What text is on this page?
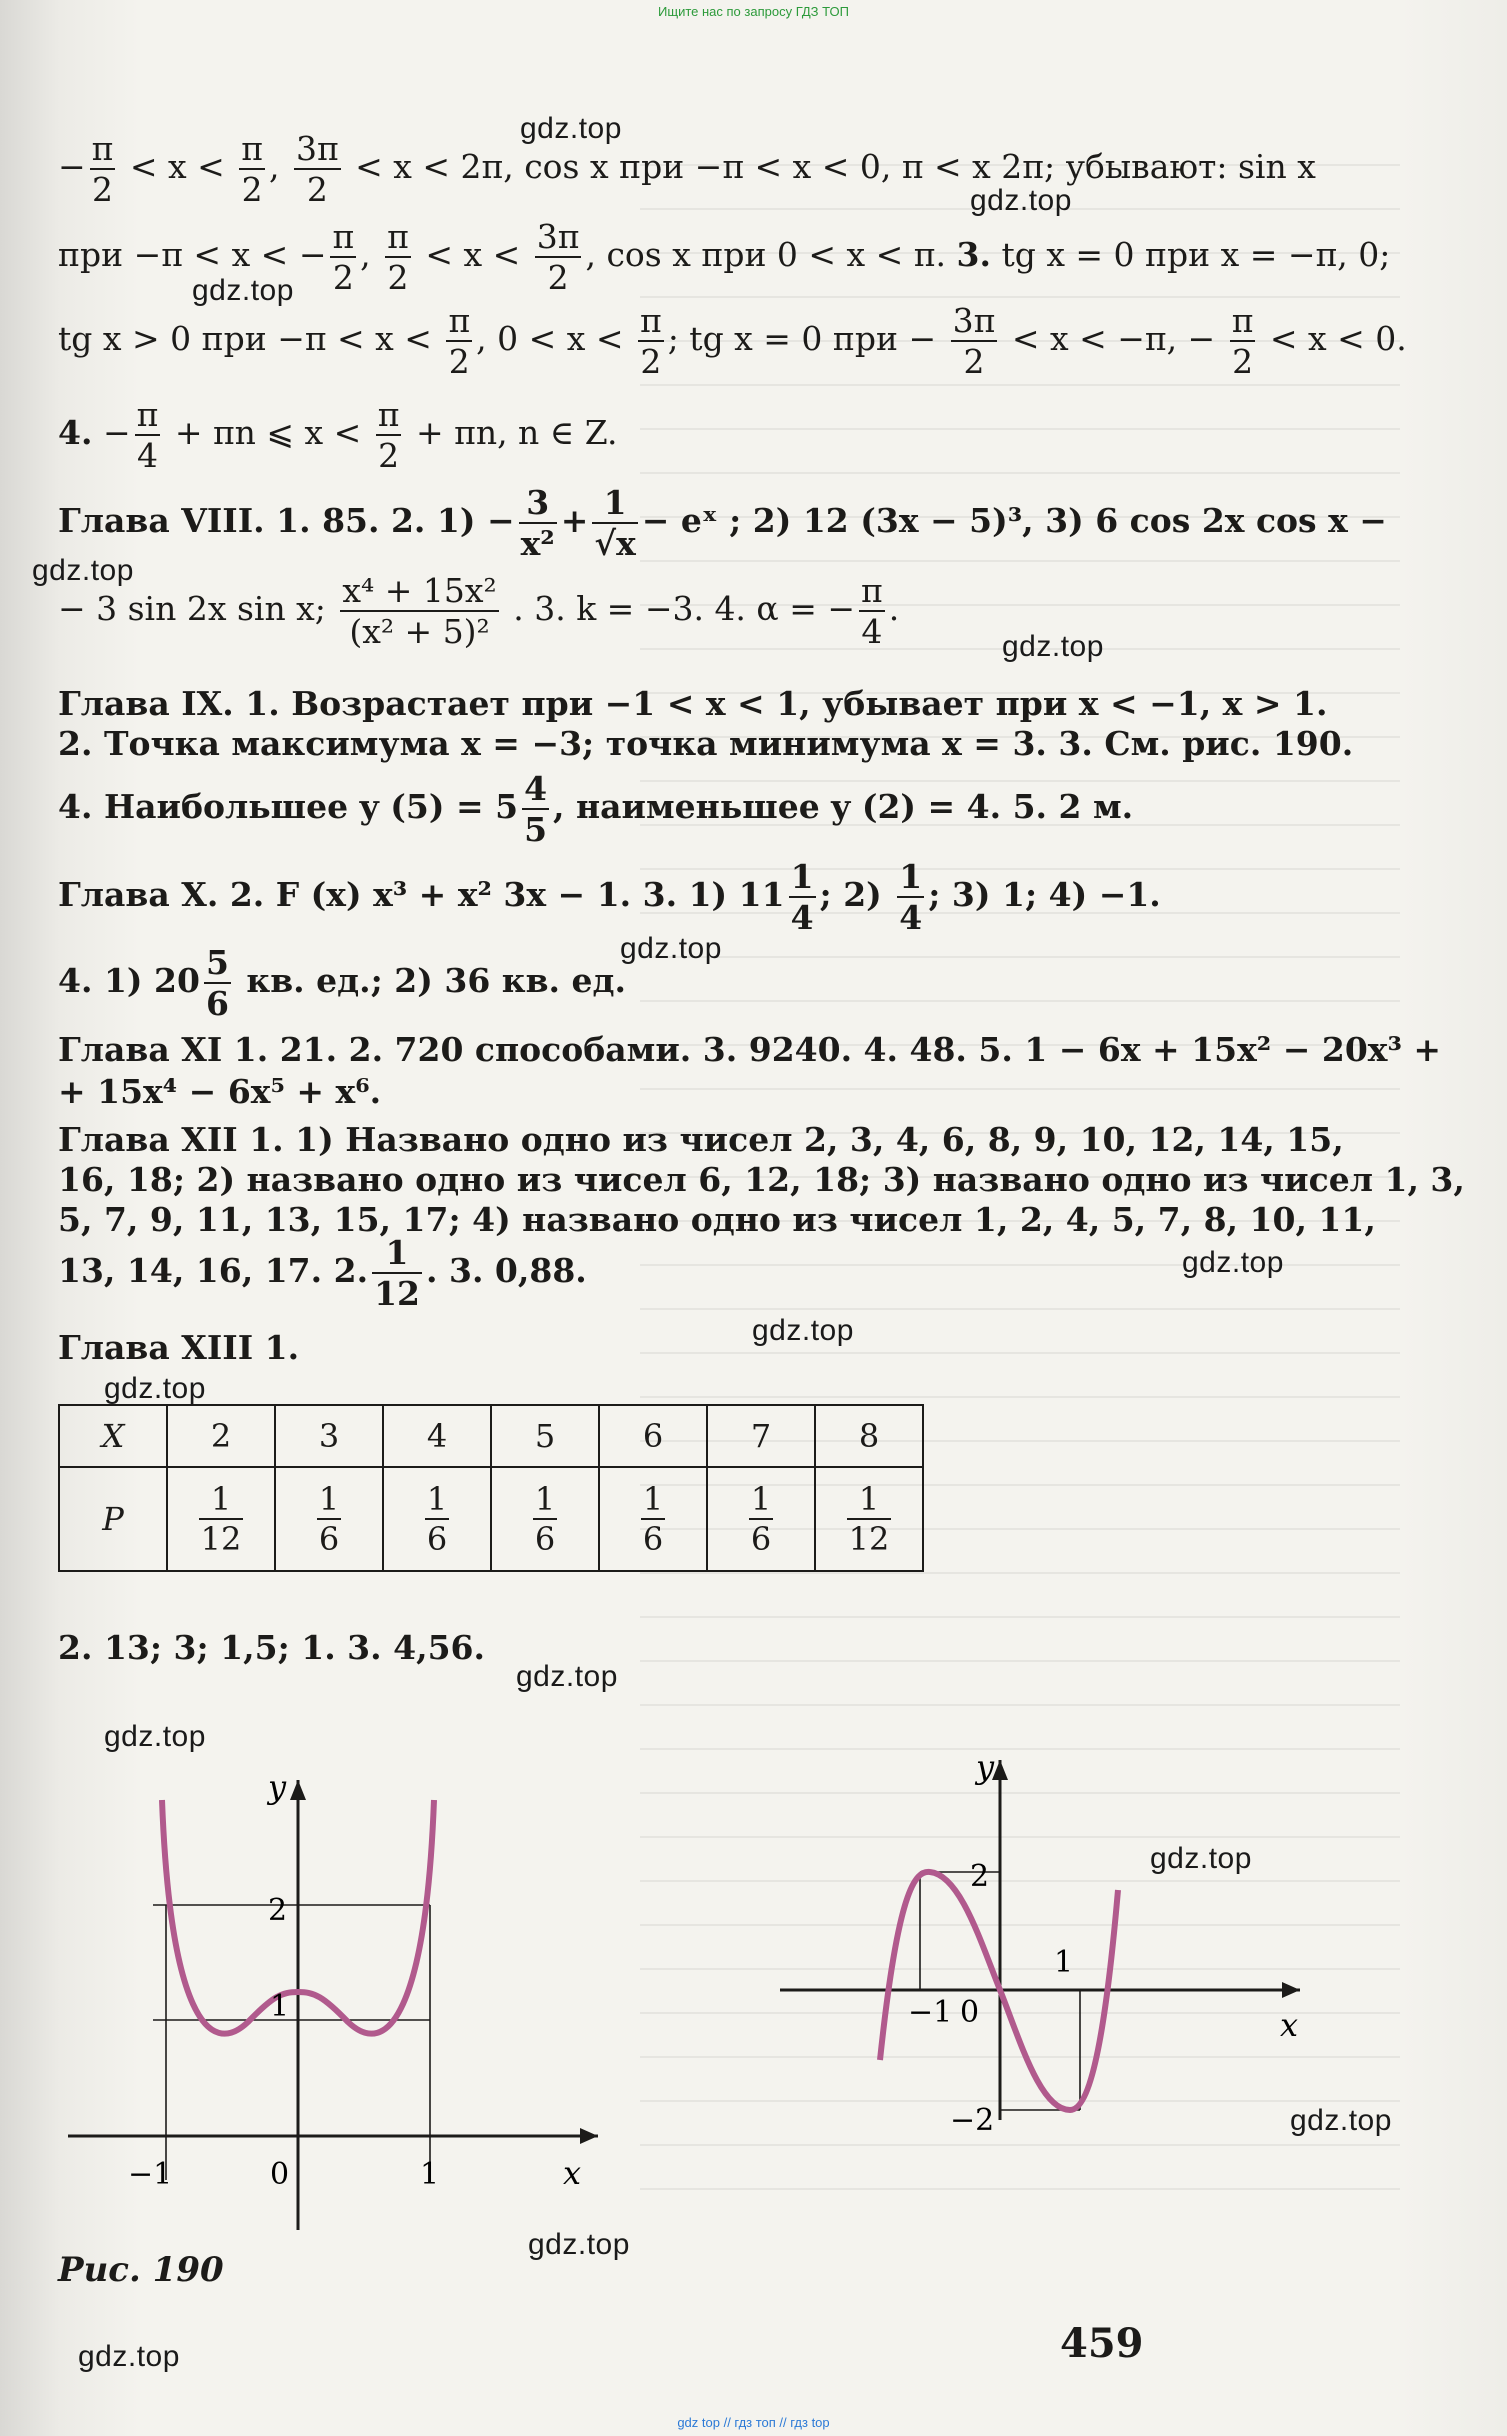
Ищите нас по запросу ГДЗ ТОП
gdz.top
gdz.top
gdz.top
gdz.top
gdz.top
gdz.top
gdz.top
gdz.top
gdz.top
gdz.top
gdz.top
gdz.top
gdz.top
gdz.top
gdz.top
− $\frac{\pi}{2} < x < \frac{\pi}{2}$ , $\frac{3\pi}{2} < x < 2\pi$, cos x при −π < x < 0, π < x 2π; убывают: sin x
при −π < x < − $\frac{\pi}{2}$ , $\frac{\pi}{2} < x < \frac{3\pi}{2}$ , cos x при 0 < x < π. 3. tg x = 0 при x = −π, 0;
tg x > 0 при $-\pi < x < \frac{\pi}{2}$ , $0 < x < \frac{\pi}{2}$ ; tg x = 0 при − $\frac{3\pi}{2} < x < -\pi$, − $\frac{\pi}{2} < x < 0$.
4. − $\frac{\pi}{4} + \pi n$ ⩽ $x < \frac{\pi}{2} + \pi n$, n ∈ Z.
Глава VIII. 1. 85. 2. $1) - \frac{3}{\text{x²}} + \frac{1}{√x}$ − eˣ ; 2) 12 (3x − 5)³, 3) 6 cos 2x cos x −
− 3 sin 2x sin x; $\frac{\text{x⁴ + 15x²}}{\text{(x² + 5)²}}$ . 3. k = −3. 4. α = − $\frac{\pi}{4}$ .
Глава IX. 1. Возрастает при −1 < x < 1, убывает при x < −1, x > 1.
2. Точка максимума x = −3; точка минимума x = 3. 3. См. рис. 190.
4. Наибольшее y $(5) = 5 \frac{4}{5}$ , наименьшее y (2) = 4. 5. 2 м.
Глава X. 2. F (x) x³ + x² 3x − 1. 3. 1) $11 \frac{1}{4}$ ; $2) \frac{1}{4}$ ; 3) 1; 4) −1.
4. 1) $20 \frac{5}{6}$ кв. ед.; 2) 36 кв. ед.
Глава XI 1. 21. 2. 720 способами. 3. 9240. 4. 48. 5. 1 − 6x + 15x² − 20x³ +
+ 15x⁴ − 6x⁵ + x⁶.
Глава XII 1. 1) Названо одно из чисел 2, 3, 4, 6, 8, 9, 10, 12, 14, 15,
16, 18; 2) названо одно из чисел 6, 12, 18; 3) названо одно из чисел 1, 3,
5, 7, 9, 11, 13, 15, 17; 4) названо одно из чисел 1, 2, 4, 5, 7, 8, 10, 11,
13, 14, 16, 17. 2. $\frac{1}{12}$ . 3. 0,88.
Глава XIII 1.
X	2	3	4	5	6	7	8
P	$\frac{1}{12}$	$\frac{1}{6}$	$\frac{1}{6}$	$\frac{1}{6}$	$\frac{1}{6}$	$\frac{1}{6}$	$\frac{1}{12}$
2. 13; 3; 1,5; 1. 3. 4,56.
y
x
2
1
−1	0	1
y
x
2
−2
−1 0
1
Рис. 190
459
gdz top // гдз топ // гдз top
